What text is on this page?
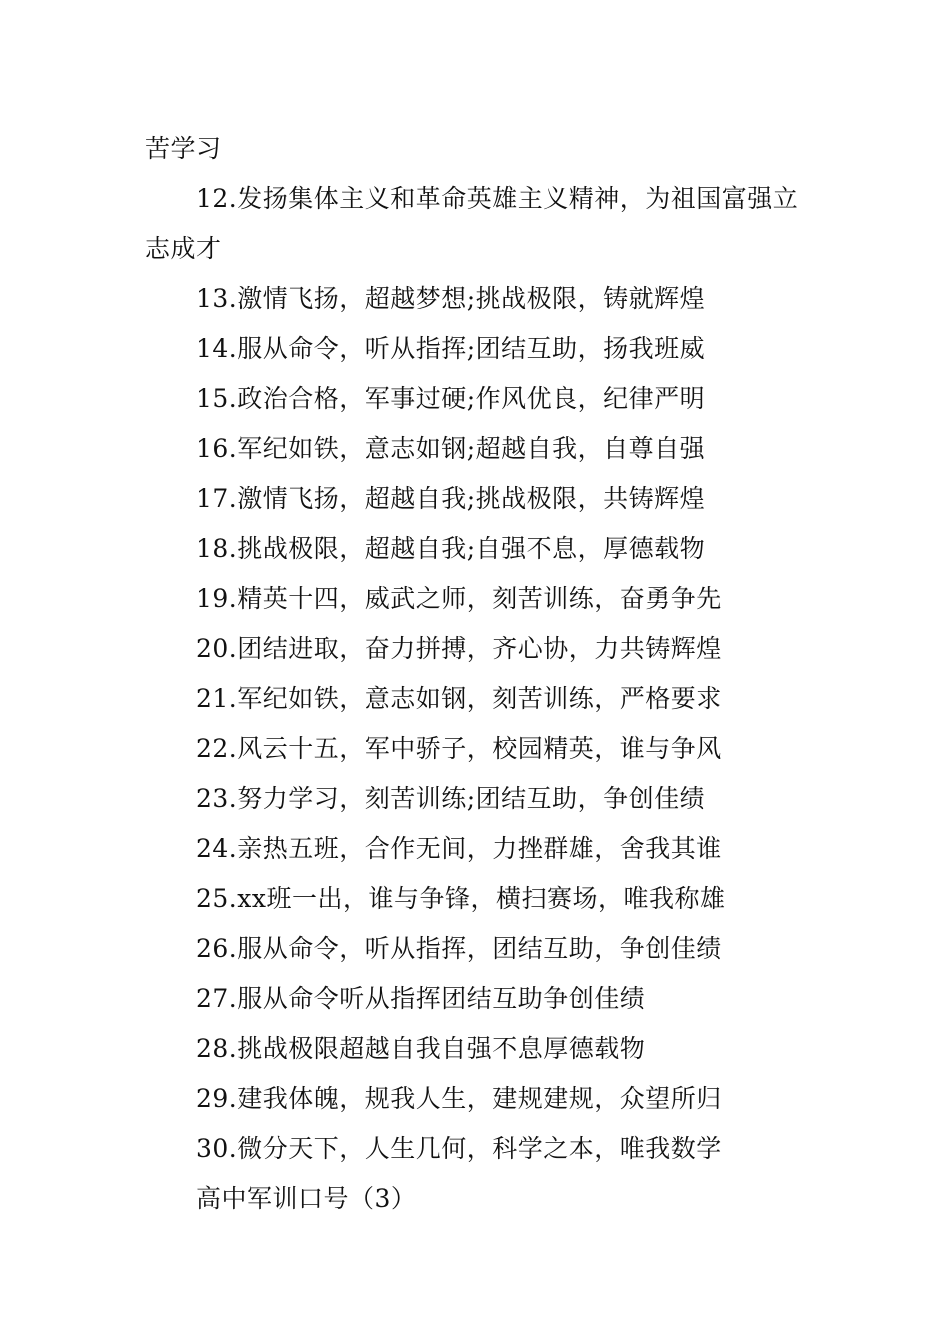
苦学习
12.发扬集体主义和革命英雄主义精神，为祖国富强立
志成才
13.激情飞扬，超越梦想;挑战极限，铸就辉煌
14.服从命令，听从指挥;团结互助，扬我班威
15.政治合格，军事过硬;作风优良，纪律严明
16.军纪如铁，意志如钢;超越自我，自尊自强
17.激情飞扬，超越自我;挑战极限，共铸辉煌
18.挑战极限，超越自我;自强不息，厚德载物
19.精英十四，威武之师，刻苦训练，奋勇争先
20.团结进取，奋力拼搏，齐心协，力共铸辉煌
21.军纪如铁，意志如钢，刻苦训练，严格要求
22.风云十五，军中骄子，校园精英，谁与争风
23.努力学习，刻苦训练;团结互助，争创佳绩
24.亲热五班，合作无间，力挫群雄，舍我其谁
25.xx班一出，谁与争锋，横扫赛场，唯我称雄
26.服从命令，听从指挥，团结互助，争创佳绩
27.服从命令听从指挥团结互助争创佳绩
28.挑战极限超越自我自强不息厚德载物
29.建我体魄，规我人生，建规建规，众望所归
30.微分天下，人生几何，科学之本，唯我数学
高中军训口号（3）
